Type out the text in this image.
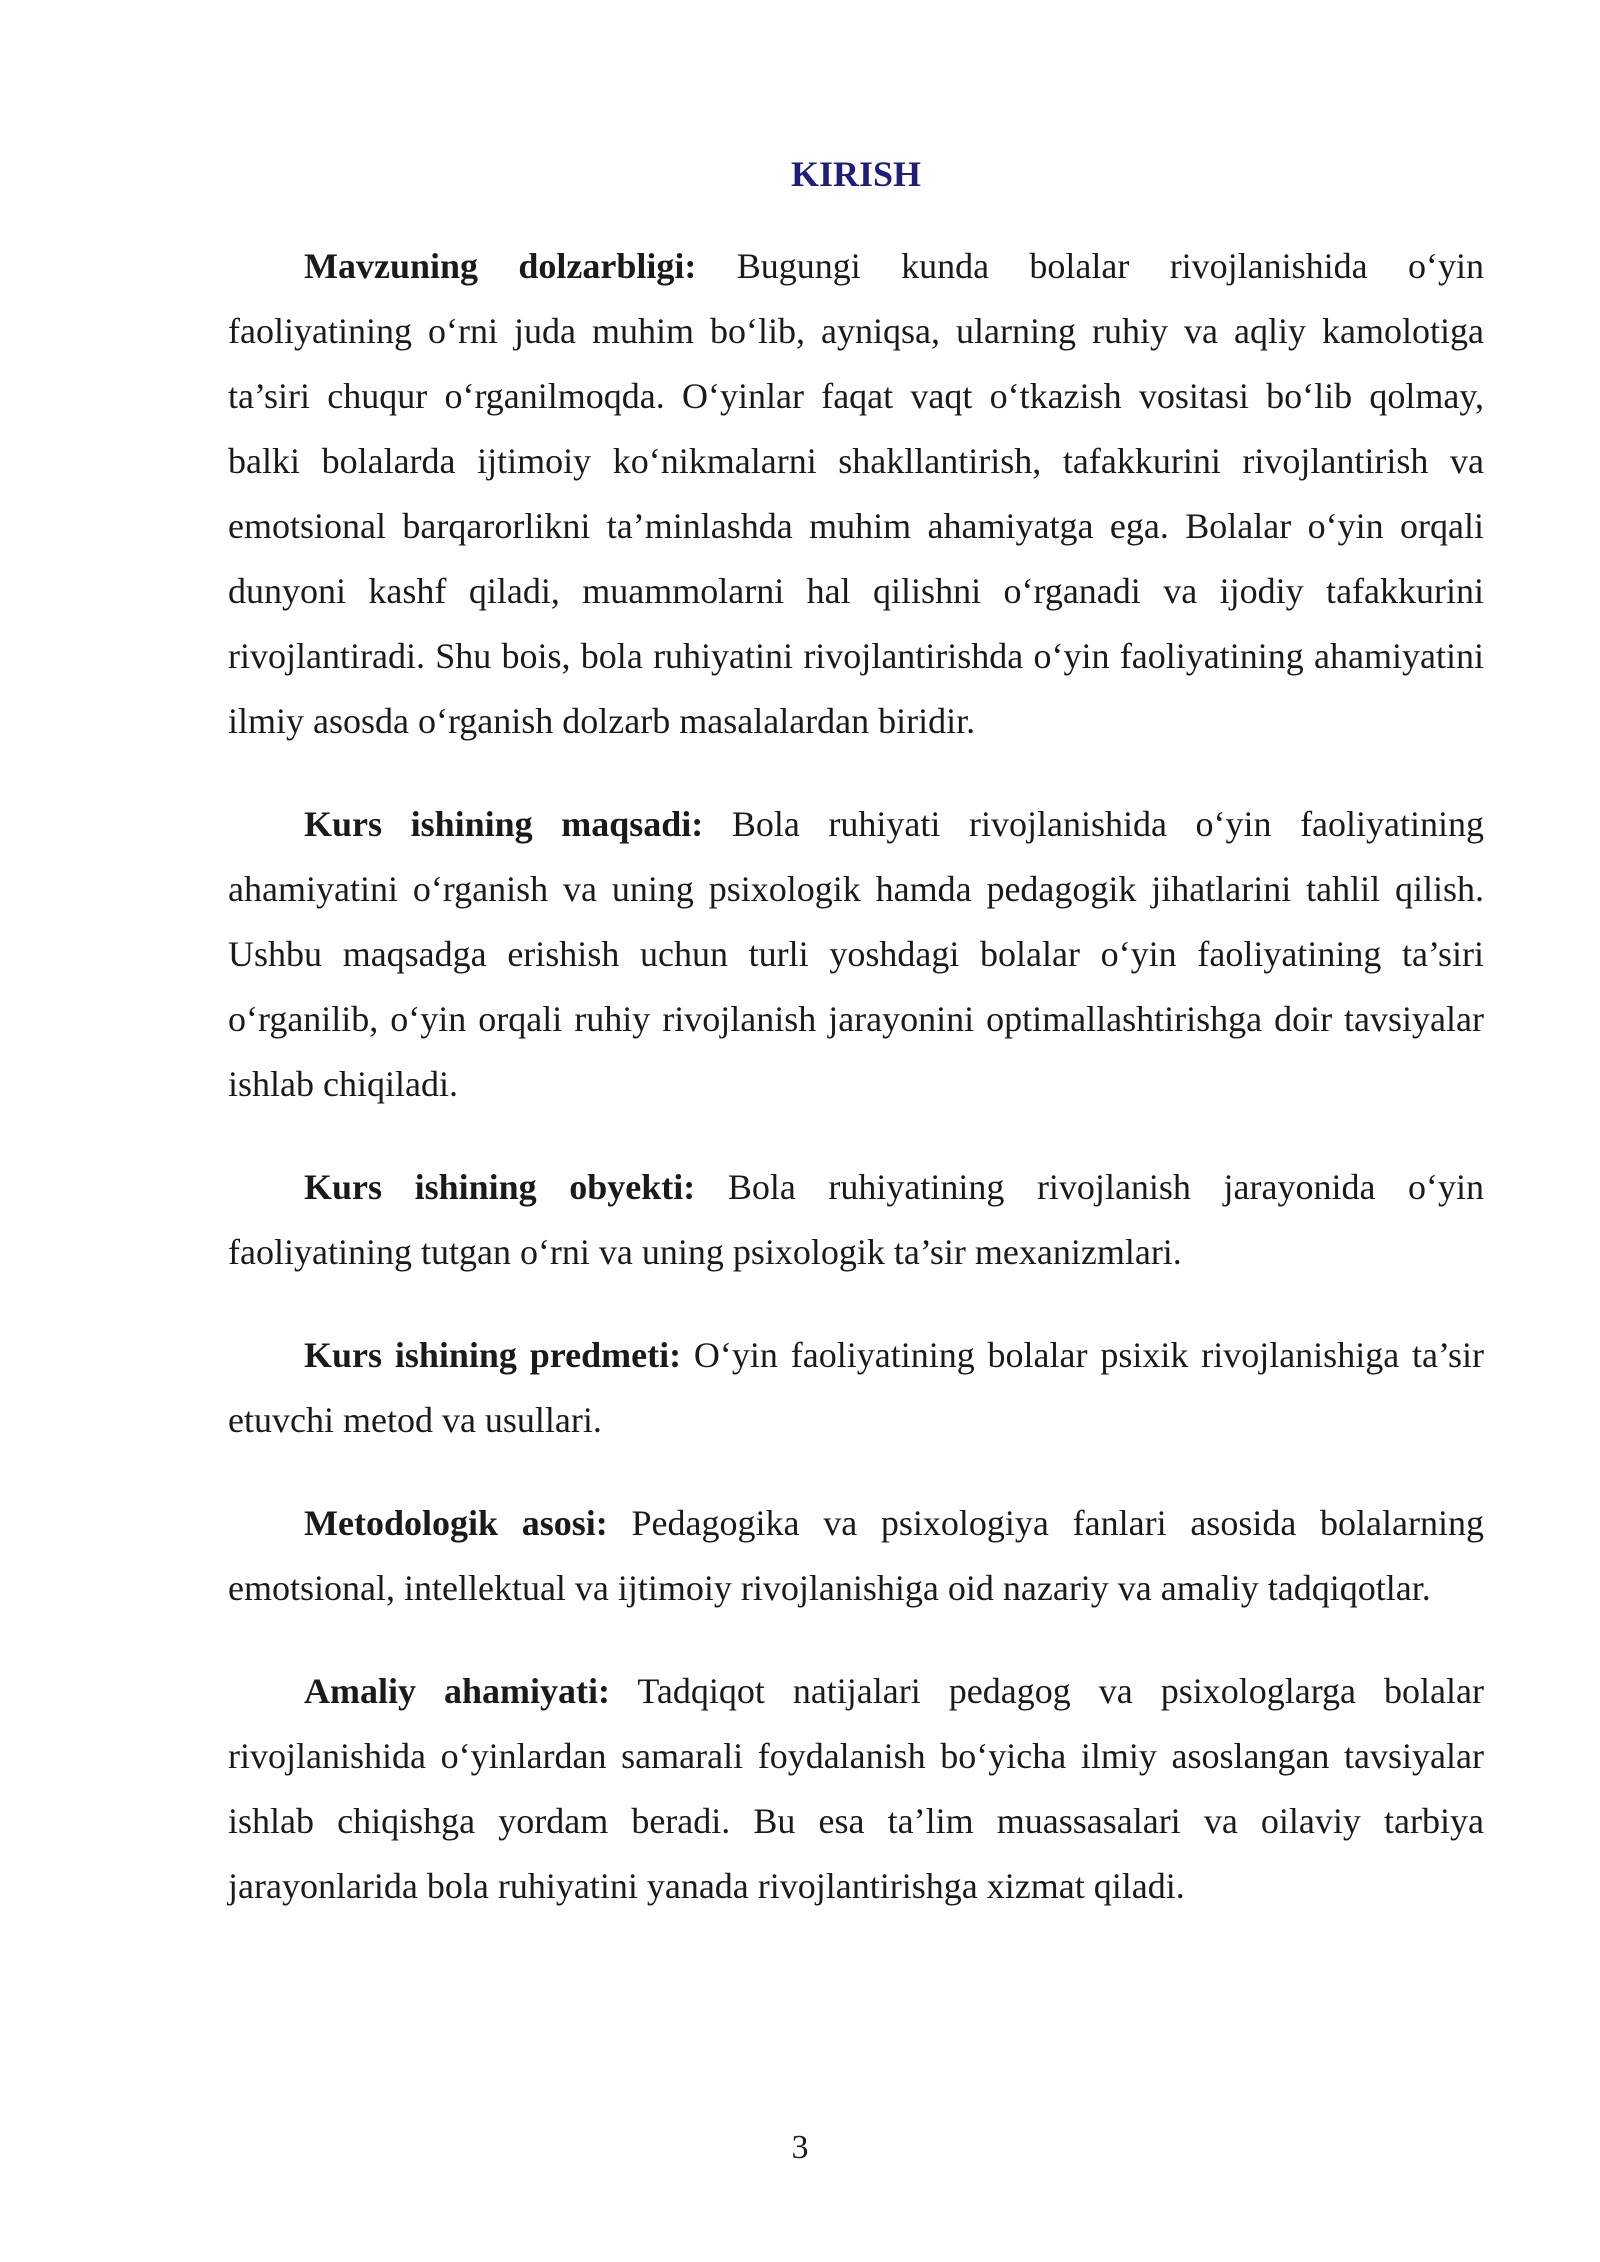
KIRISH

Mavzuning dolzarbligi: Bugungi kunda bolalar rivojlanishida o‘yin faoliyatining o‘rni juda muhim bo‘lib, ayniqsa, ularning ruhiy va aqliy kamolotiga ta’siri chuqur o‘rganilmoqda. O‘yinlar faqat vaqt o‘tkazish vositasi bo‘lib qolmay, balki bolalarda ijtimoiy ko‘nikmalarni shakllantirish, tafakkurini rivojlantirish va emotsional barqarorlikni ta’minlashda muhim ahamiyatga ega. Bolalar o‘yin orqali dunyoni kashf qiladi, muammolarni hal qilishni o‘rganadi va ijodiy tafakkurini rivojlantiradi. Shu bois, bola ruhiyatini rivojlantirishda o‘yin faoliyatining ahamiyatini ilmiy asosda o‘rganish dolzarb masalalardan biridir.

Kurs ishining maqsadi: Bola ruhiyati rivojlanishida o‘yin faoliyatining ahamiyatini o‘rganish va uning psixologik hamda pedagogik jihatlarini tahlil qilish. Ushbu maqsadga erishish uchun turli yoshdagi bolalar o‘yin faoliyatining ta’siri o‘rganilib, o‘yin orqali ruhiy rivojlanish jarayonini optimallashtirishga doir tavsiyalar ishlab chiqiladi.

Kurs ishining obyekti: Bola ruhiyatining rivojlanish jarayonida o‘yin faoliyatining tutgan o‘rni va uning psixologik ta’sir mexanizmlari.

Kurs ishining predmeti: O‘yin faoliyatining bolalar psixik rivojlanishiga ta’sir etuvchi metod va usullari.

Metodologik asosi: Pedagogika va psixologiya fanlari asosida bolalarning emotsional, intellektual va ijtimoiy rivojlanishiga oid nazariy va amaliy tadqiqotlar.

Amaliy ahamiyati: Tadqiqot natijalari pedagog va psixologlarga bolalar rivojlanishida o‘yinlardan samarali foydalanish bo‘yicha ilmiy asoslangan tavsiyalar ishlab chiqishga yordam beradi. Bu esa ta’lim muassasalari va oilaviy tarbiya jarayonlarida bola ruhiyatini yanada rivojlantirishga xizmat qiladi.

3
